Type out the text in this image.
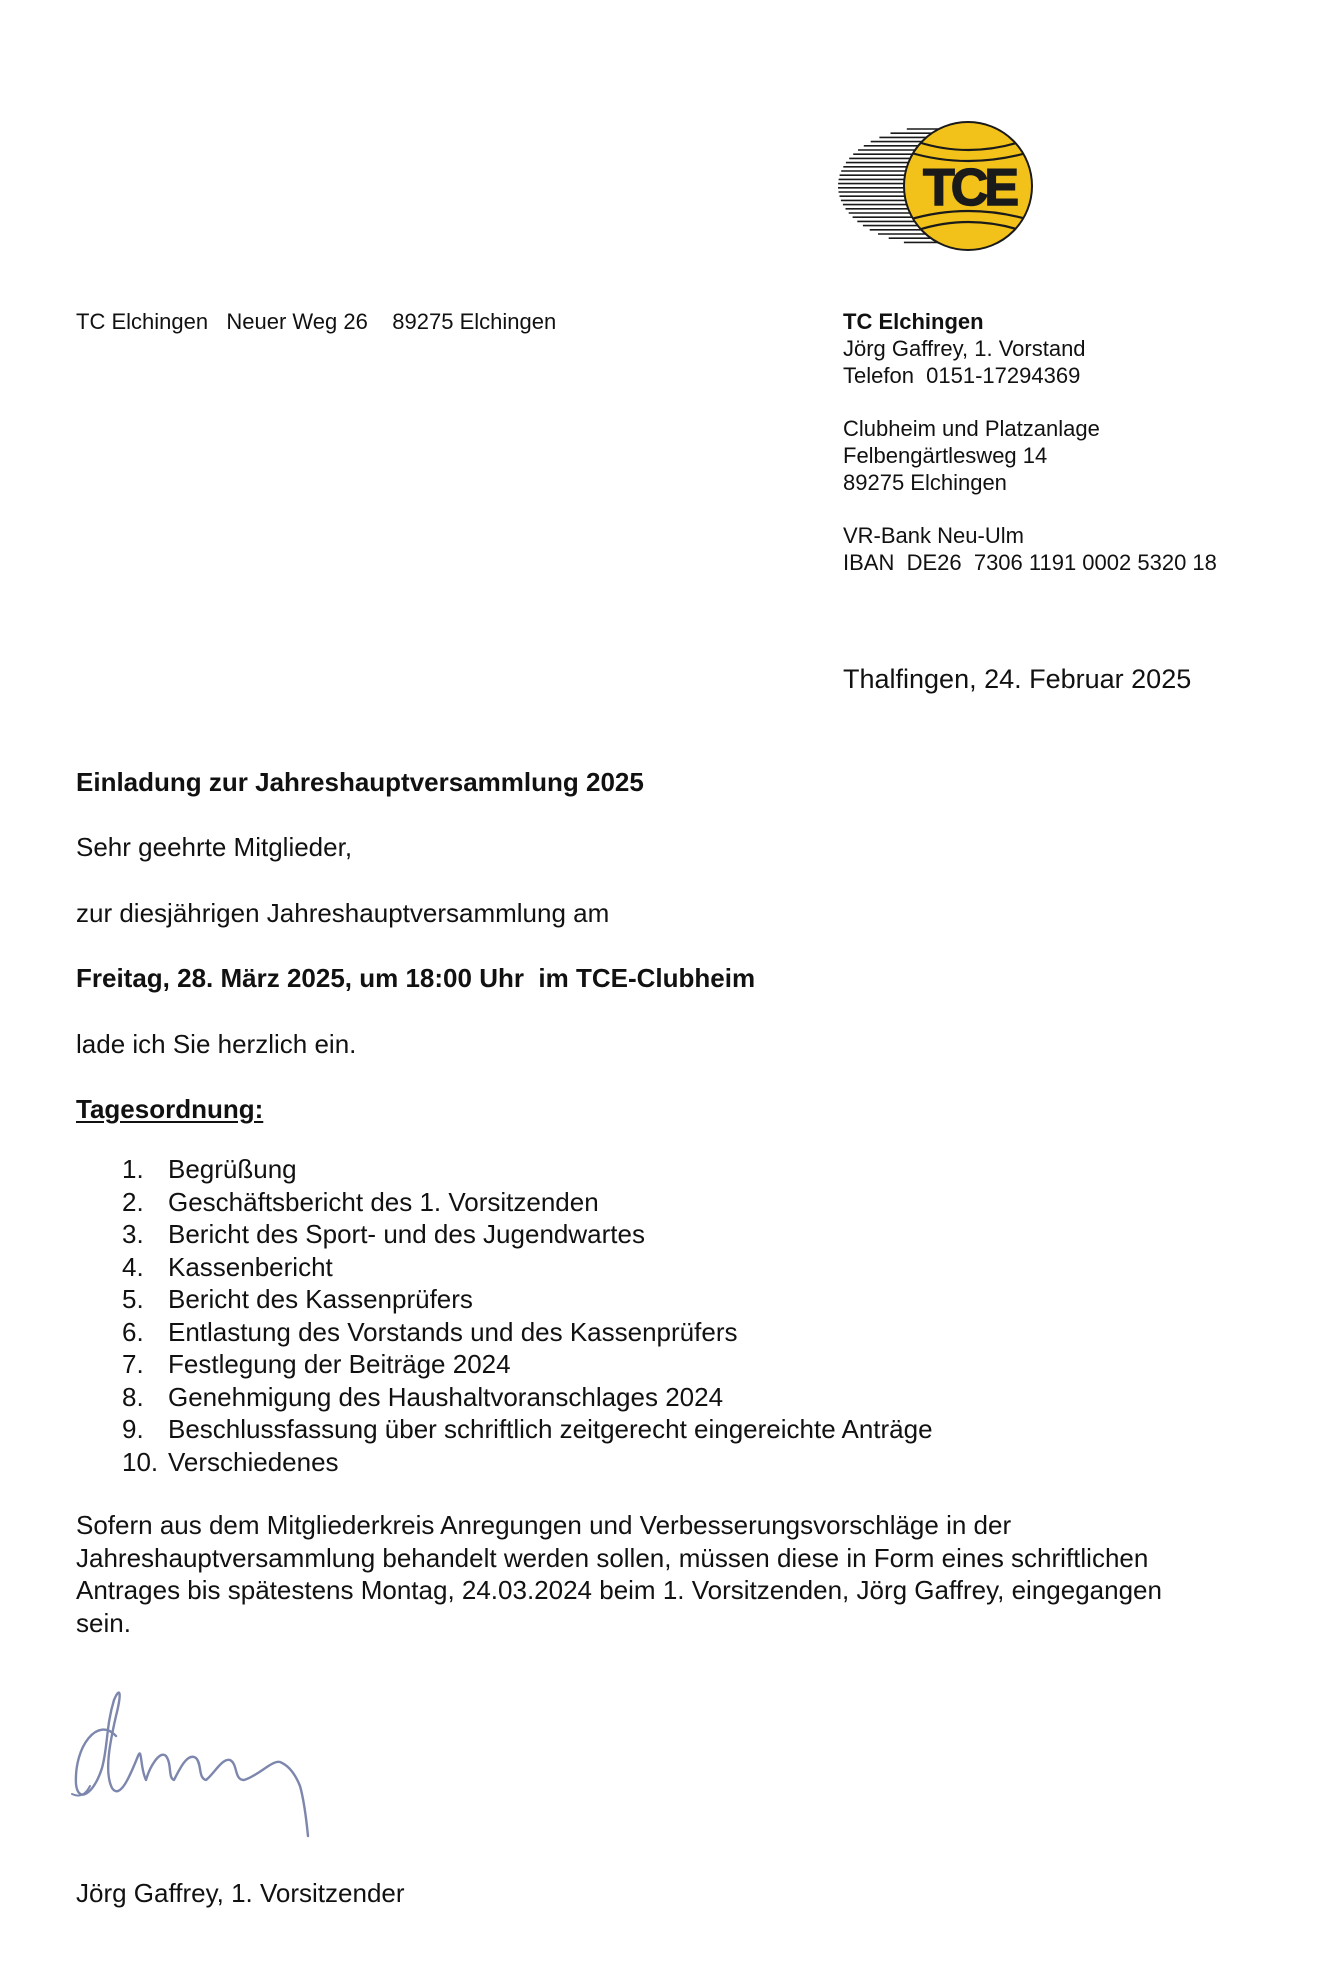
TCE
TC Elchingen   Neuer Weg 26    89275 Elchingen	TC Elchingen
Jörg Gaffrey, 1. Vorstand
Telefon  0151-17294369
Clubheim und Platzanlage
Felbengärtlesweg 14
89275 Elchingen
VR-Bank Neu-Ulm
IBAN  DE26  7306 1191 0002 5320 18
Thalfingen, 24. Februar 2025
Einladung zur Jahreshauptversammlung 2025
Sehr geehrte Mitglieder,
zur diesjährigen Jahreshauptversammlung am
Freitag, 28. März 2025, um 18:00 Uhr  im TCE-Clubheim
lade ich Sie herzlich ein.
Tagesordnung:
1. Begrüßung
2. Geschäftsbericht des 1. Vorsitzenden
3. Bericht des Sport- und des Jugendwartes
4. Kassenbericht
5. Bericht des Kassenprüfers
6. Entlastung des Vorstands und des Kassenprüfers
7. Festlegung der Beiträge 2024
8. Genehmigung des Haushaltvoranschlages 2024
9. Beschlussfassung über schriftlich zeitgerecht eingereichte Anträge
10. Verschiedenes
Sofern aus dem Mitgliederkreis Anregungen und Verbesserungsvorschläge in der
Jahreshauptversammlung behandelt werden sollen, müssen diese in Form eines schriftlichen
Antrages bis spätestens Montag, 24.03.2024 beim 1. Vorsitzenden, Jörg Gaffrey, eingegangen
sein.
Jörg Gaffrey, 1. Vorsitzender
